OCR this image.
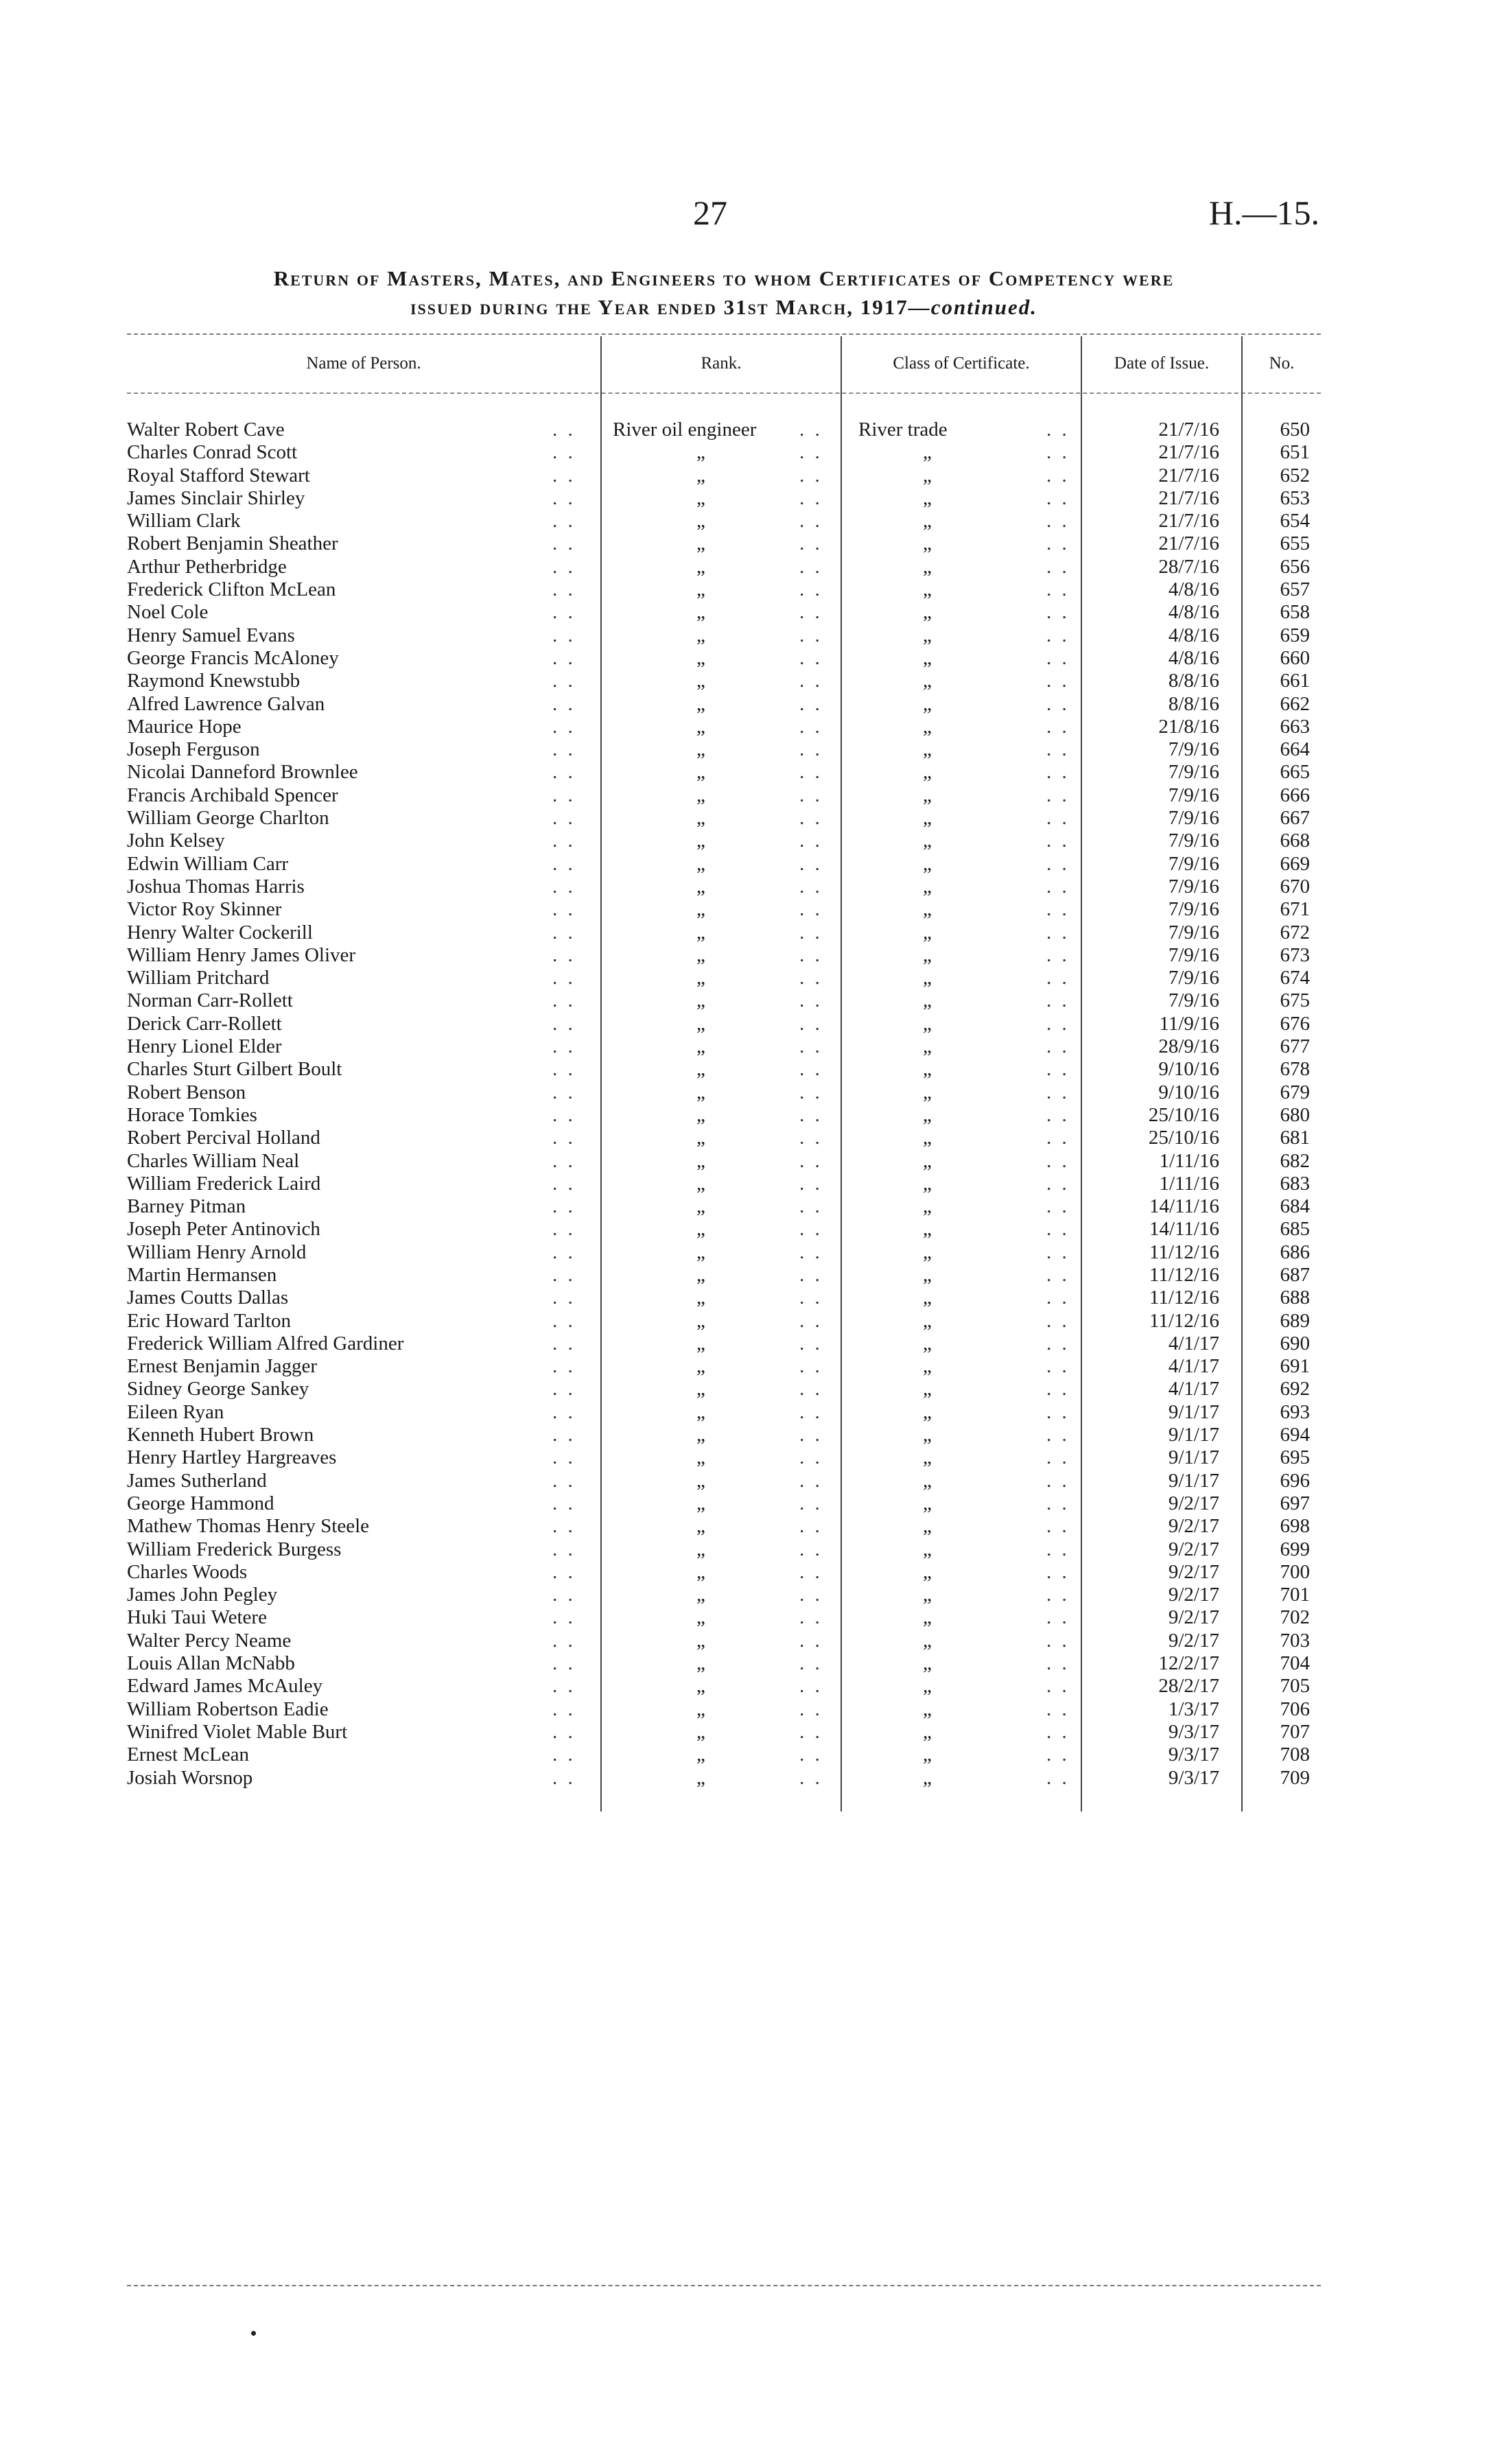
27	H.—15.
Return of Masters, Mates, and Engineers to whom Certificates of Competency were
issued during the Year ended 31st March, 1917—continued.
Name of Person.	Rank.	Class of Certificate.	Date of Issue.	No.
Walter Robert Cave	. . River oil engineer	. . River trade	. .	21/7/16	650
Charles Conrad Scott	. .	„	. .	„	. .	21/7/16	651
Royal Stafford Stewart	. .	„	. .	„	. .	21/7/16	652
James Sinclair Shirley	. .	„	. .	„	. .	21/7/16	653
William Clark	. .	„	. .	„	. .	21/7/16	654
Robert Benjamin Sheather	. .	„	. .	„	. .	21/7/16	655
Arthur Petherbridge	. .	„	. .	„	. .	28/7/16	656
Frederick Clifton McLean	. .	„	. .	„	. .	4/8/16	657
Noel Cole	. .	„	. .	„	. .	4/8/16	658
Henry Samuel Evans	. .	„	. .	„	. .	4/8/16	659
George Francis McAloney	. .	„	. .	„	. .	4/8/16	660
Raymond Knewstubb	. .	„	. .	„	. .	8/8/16	661
Alfred Lawrence Galvan	. .	„	. .	„	. .	8/8/16	662
Maurice Hope	. .	„	. .	„	. .	21/8/16	663
Joseph Ferguson	. .	„	. .	„	. .	7/9/16	664
Nicolai Danneford Brownlee	. .	„	. .	„	. .	7/9/16	665
Francis Archibald Spencer	. .	„	. .	„	. .	7/9/16	666
William George Charlton	. .	„	. .	„	. .	7/9/16	667
John Kelsey	. .	„	. .	„	. .	7/9/16	668
Edwin William Carr	. .	„	. .	„	. .	7/9/16	669
Joshua Thomas Harris	. .	„	. .	„	. .	7/9/16	670
Victor Roy Skinner	. .	„	. .	„	. .	7/9/16	671
Henry Walter Cockerill	. .	„	. .	„	. .	7/9/16	672
William Henry James Oliver	. .	„	. .	„	. .	7/9/16	673
William Pritchard	. .	„	. .	„	. .	7/9/16	674
Norman Carr-Rollett	. .	„	. .	„	. .	7/9/16	675
Derick Carr-Rollett	. .	„	. .	„	. .	11/9/16	676
Henry Lionel Elder	. .	„	. .	„	. .	28/9/16	677
Charles Sturt Gilbert Boult	. .	„	. .	„	. .	9/10/16	678
Robert Benson	. .	„	. .	„	. .	9/10/16	679
Horace Tomkies	. .	„	. .	„	. .	25/10/16	680
Robert Percival Holland	. .	„	. .	„	. .	25/10/16	681
Charles William Neal	. .	„	. .	„	. .	1/11/16	682
William Frederick Laird	. .	„	. .	„	. .	1/11/16	683
Barney Pitman	. .	„	. .	„	. .	14/11/16	684
Joseph Peter Antinovich	. .	„	. .	„	. .	14/11/16	685
William Henry Arnold	. .	„	. .	„	. .	11/12/16	686
Martin Hermansen	. .	„	. .	„	. .	11/12/16	687
James Coutts Dallas	. .	„	. .	„	. .	11/12/16	688
Eric Howard Tarlton	. .	„	. .	„	. .	11/12/16	689
Frederick William Alfred Gardiner	. .	„	. .	„	. .	4/1/17	690
Ernest Benjamin Jagger	. .	„	. .	„	. .	4/1/17	691
Sidney George Sankey	. .	„	. .	„	. .	4/1/17	692
Eileen Ryan	. .	„	. .	„	. .	9/1/17	693
Kenneth Hubert Brown	. .	„	. .	„	. .	9/1/17	694
Henry Hartley Hargreaves	. .	„	. .	„	. .	9/1/17	695
James Sutherland	. .	„	. .	„	. .	9/1/17	696
George Hammond	. .	„	. .	„	. .	9/2/17	697
Mathew Thomas Henry Steele	. .	„	. .	„	. .	9/2/17	698
William Frederick Burgess	. .	„	. .	„	. .	9/2/17	699
Charles Woods	. .	„	. .	„	. .	9/2/17	700
James John Pegley	. .	„	. .	„	. .	9/2/17	701
Huki Taui Wetere	. .	„	. .	„	. .	9/2/17	702
Walter Percy Neame	. .	„	. .	„	. .	9/2/17	703
Louis Allan McNabb	. .	„	. .	„	. .	12/2/17	704
Edward James McAuley	. .	„	. .	„	. .	28/2/17	705
William Robertson Eadie	. .	„	. .	„	. .	1/3/17	706
Winifred Violet Mable Burt	. .	„	. .	„	. .	9/3/17	707
Ernest McLean	. .	„	. .	„	. .	9/3/17	708
Josiah Worsnop	. .	„	. .	„	. .	9/3/17	709
